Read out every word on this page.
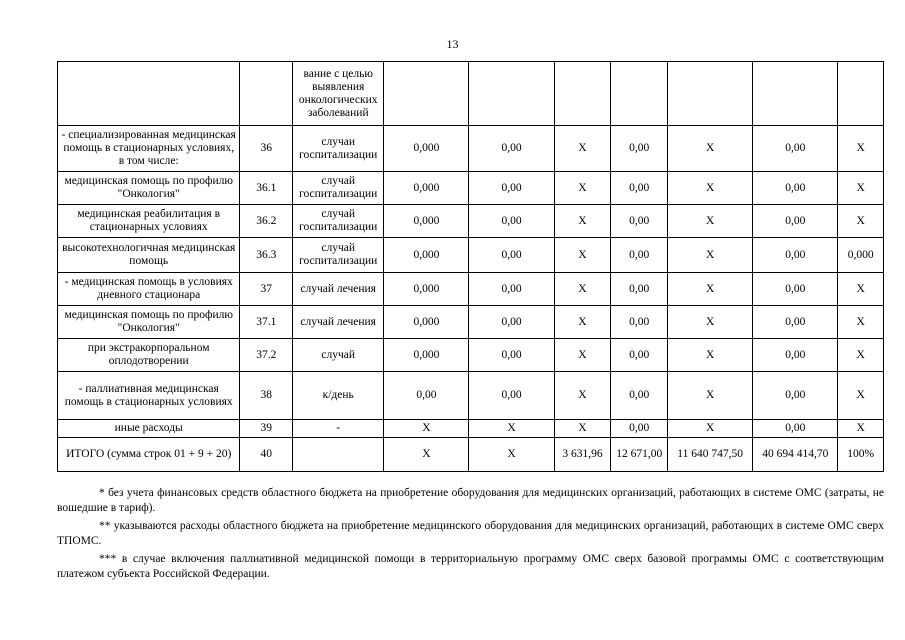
13
		вание с целью выявления онкологических заболеваний							
- специализированная медицинская помощь в стационарных условиях, в том числе:	36	случаи госпитализации	0,000	0,00	X	0,00	X	0,00	X
медицинская помощь по профилю "Онкология"	36.1	случай госпитализации	0,000	0,00	X	0,00	X	0,00	X
медицинская реабилитация в стационарных условиях	36.2	случай госпитализации	0,000	0,00	X	0,00	X	0,00	X
высокотехнологичная медицинская помощь	36.3	случай госпитализации	0,000	0,00	X	0,00	X	0,00	0,000
- медицинская помощь в условиях дневного стационара	37	случай лечения	0,000	0,00	X	0,00	X	0,00	X
медицинская помощь по профилю "Онкология"	37.1	случай лечения	0,000	0,00	X	0,00	X	0,00	X
при экстракорпоральном оплодотворении	37.2	случай	0,000	0,00	X	0,00	X	0,00	X
- паллиативная медицинская помощь в стационарных условиях	38	к/день	0,00	0,00	X	0,00	X	0,00	X
иные расходы	39	-	X	X	X	0,00	X	0,00	X
ИТОГО (сумма строк 01 + 9 + 20)	40		X	X	3 631,96	12 671,00	11 640 747,50	40 694 414,70	100%

* без учета финансовых средств областного бюджета на приобретение оборудования для медицинских организаций, работающих в системе ОМС (затраты, не вошедшие в тариф).

** указываются расходы областного бюджета на приобретение медицинского оборудования для медицинских организаций, работающих в системе ОМС сверх ТПОМС.

*** в случае включения паллиативной медицинской помощи в территориальную программу ОМС сверх базовой программы ОМС с соответствующим платежом субъекта Российской Федерации.
